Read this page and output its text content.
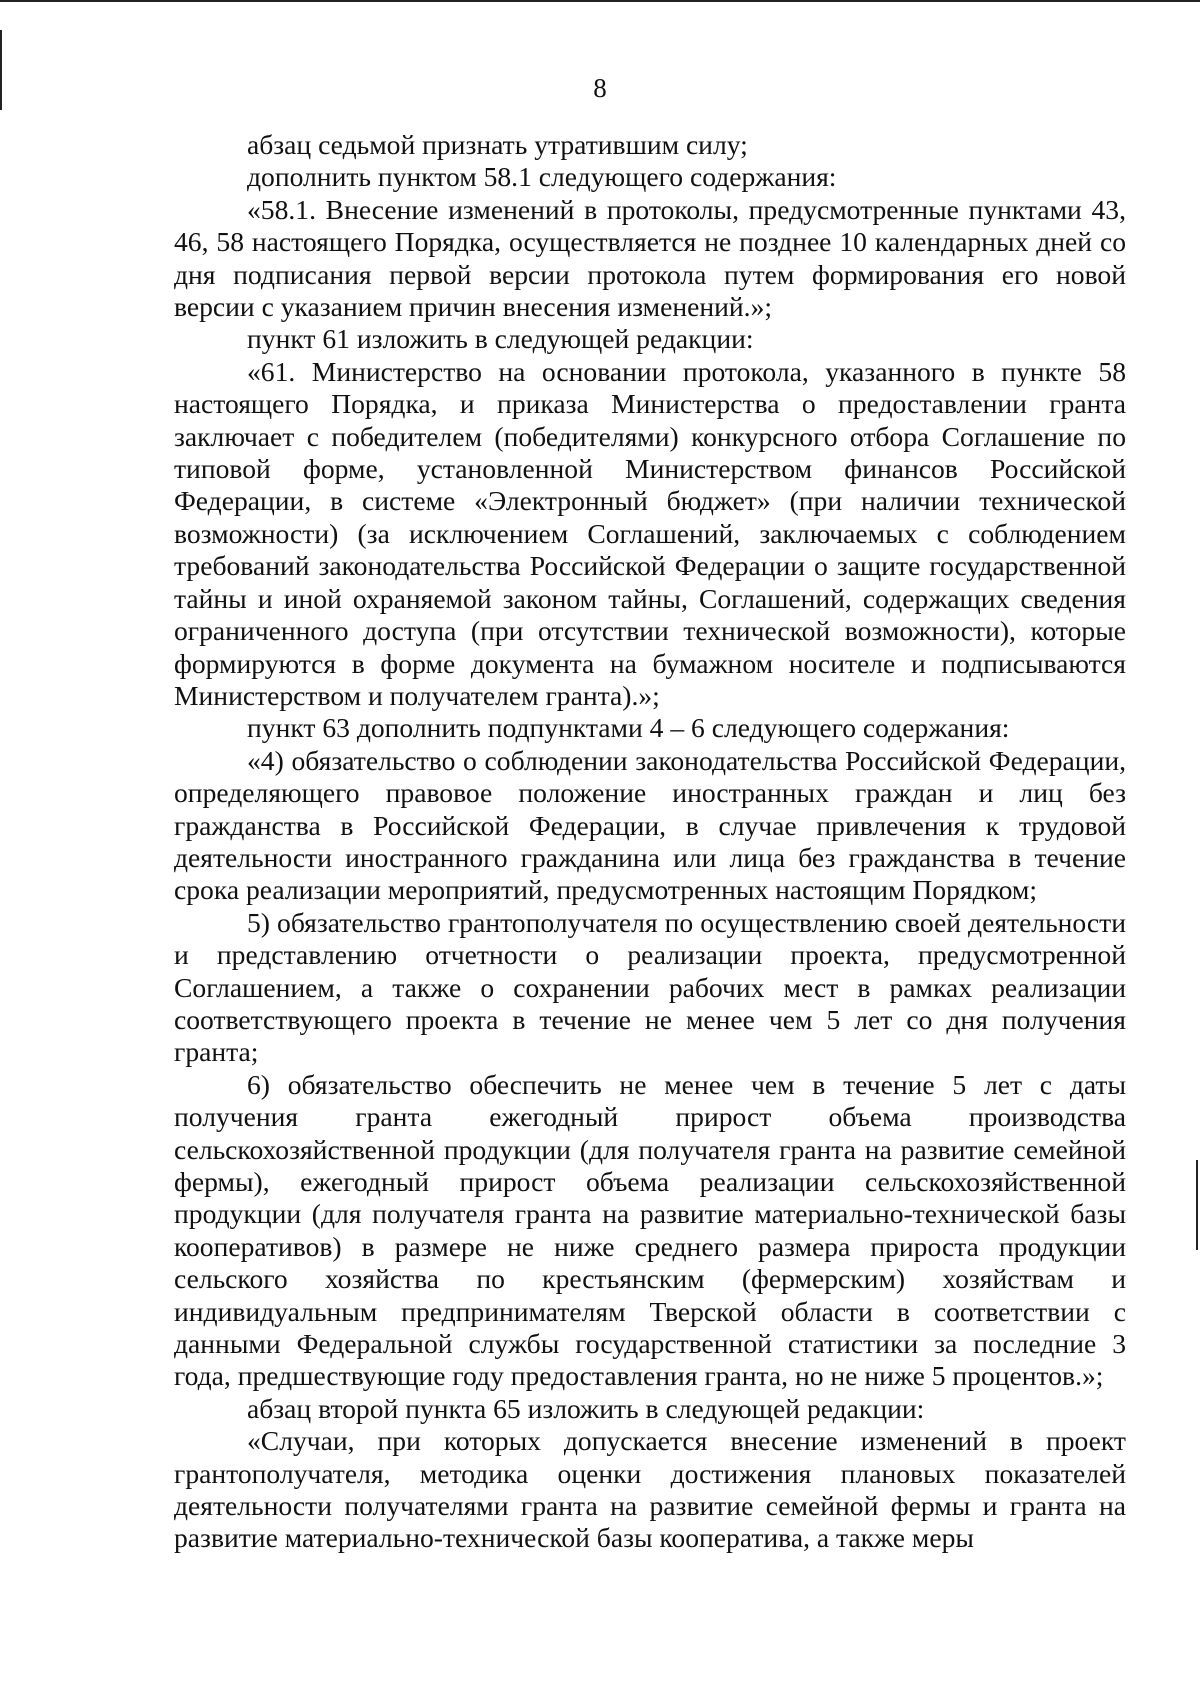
8

абзац седьмой признать утратившим силу;

дополнить пунктом 58.1 следующего содержания:

«58.1. Внесение изменений в протоколы, предусмотренные пунктами 43, 46, 58 настоящего Порядка, осуществляется не позднее 10 календарных дней со дня подписания первой версии протокола путем формирования его новой версии с указанием причин внесения изменений.»;

пункт 61 изложить в следующей редакции:

«61. Министерство на основании протокола, указанного в пункте 58 настоящего Порядка, и приказа Министерства о предоставлении гранта заключает с победителем (победителями) конкурсного отбора Соглашение по типовой форме, установленной Министерством финансов Российской Федерации, в системе «Электронный бюджет» (при наличии технической возможности) (за исключением Соглашений, заключаемых с соблюдением требований законодательства Российской Федерации о защите государственной тайны и иной охраняемой законом тайны, Соглашений, содержащих сведения ограниченного доступа (при отсутствии технической возможности), которые формируются в форме документа на бумажном носителе и подписываются Министерством и получателем гранта).»;

пункт 63 дополнить подпунктами 4 – 6 следующего содержания:

«4) обязательство о соблюдении законодательства Российской Федерации, определяющего правовое положение иностранных граждан и лиц без гражданства в Российской Федерации, в случае привлечения к трудовой деятельности иностранного гражданина или лица без гражданства в течение срока реализации мероприятий, предусмотренных настоящим Порядком;

5) обязательство грантополучателя по осуществлению своей деятельности и представлению отчетности о реализации проекта, предусмотренной Соглашением, а также о сохранении рабочих мест в рамках реализации соответствующего проекта в течение не менее чем 5 лет со дня получения гранта;

6) обязательство обеспечить не менее чем в течение 5 лет с даты получения гранта ежегодный прирост объема производства сельскохозяйственной продукции (для получателя гранта на развитие семейной фермы), ежегодный прирост объема реализации сельскохозяйственной продукции (для получателя гранта на развитие материально-технической базы кооперативов) в размере не ниже среднего размера прироста продукции сельского хозяйства по крестьянским (фермерским) хозяйствам и индивидуальным предпринимателям Тверской области в соответствии с данными Федеральной службы государственной статистики за последние 3 года, предшествующие году предоставления гранта, но не ниже 5 процентов.»;

абзац второй пункта 65 изложить в следующей редакции:

«Случаи, при которых допускается внесение изменений в проект грантополучателя, методика оценки достижения плановых показателей деятельности получателями гранта на развитие семейной фермы и гранта на развитие материально-технической базы кооператива, а также меры
